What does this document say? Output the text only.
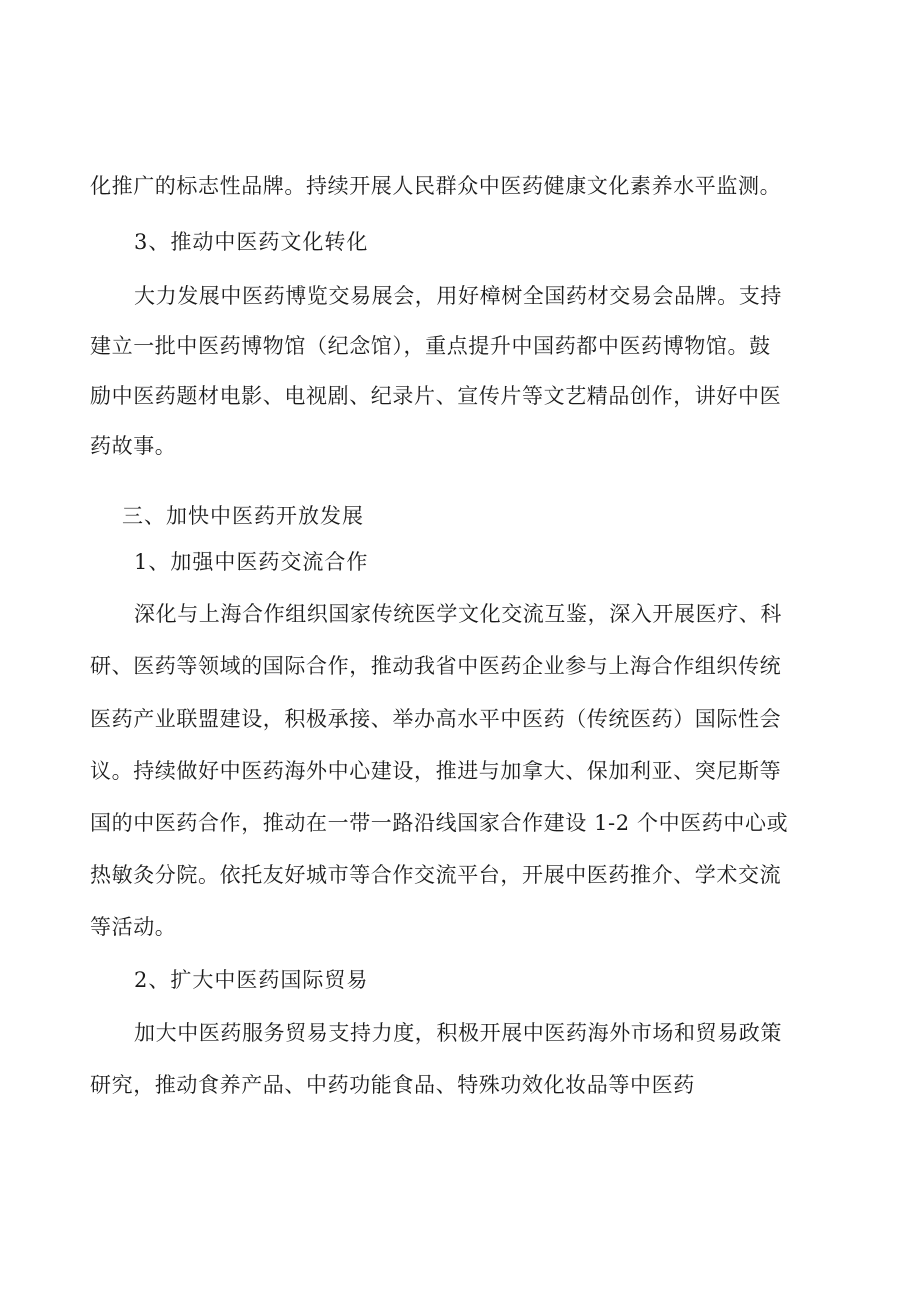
化推广的标志性品牌。持续开展人民群众中医药健康文化素养水平监测。
3、推动中医药文化转化
大力发展中医药博览交易展会，用好樟树全国药材交易会品牌。支持
建立一批中医药博物馆（纪念馆），重点提升中国药都中医药博物馆。鼓
励中医药题材电影、电视剧、纪录片、宣传片等文艺精品创作，讲好中医
药故事。
三、加快中医药开放发展
1、加强中医药交流合作
深化与上海合作组织国家传统医学文化交流互鉴，深入开展医疗、科
研、医药等领域的国际合作，推动我省中医药企业参与上海合作组织传统
医药产业联盟建设，积极承接、举办高水平中医药（传统医药）国际性会
议。持续做好中医药海外中心建设，推进与加拿大、保加利亚、突尼斯等
国的中医药合作，推动在一带一路沿线国家合作建设 1-2 个中医药中心或
热敏灸分院。依托友好城市等合作交流平台，开展中医药推介、学术交流
等活动。
2、扩大中医药国际贸易
加大中医药服务贸易支持力度，积极开展中医药海外市场和贸易政策
研究，推动食养产品、中药功能食品、特殊功效化妆品等中医药
